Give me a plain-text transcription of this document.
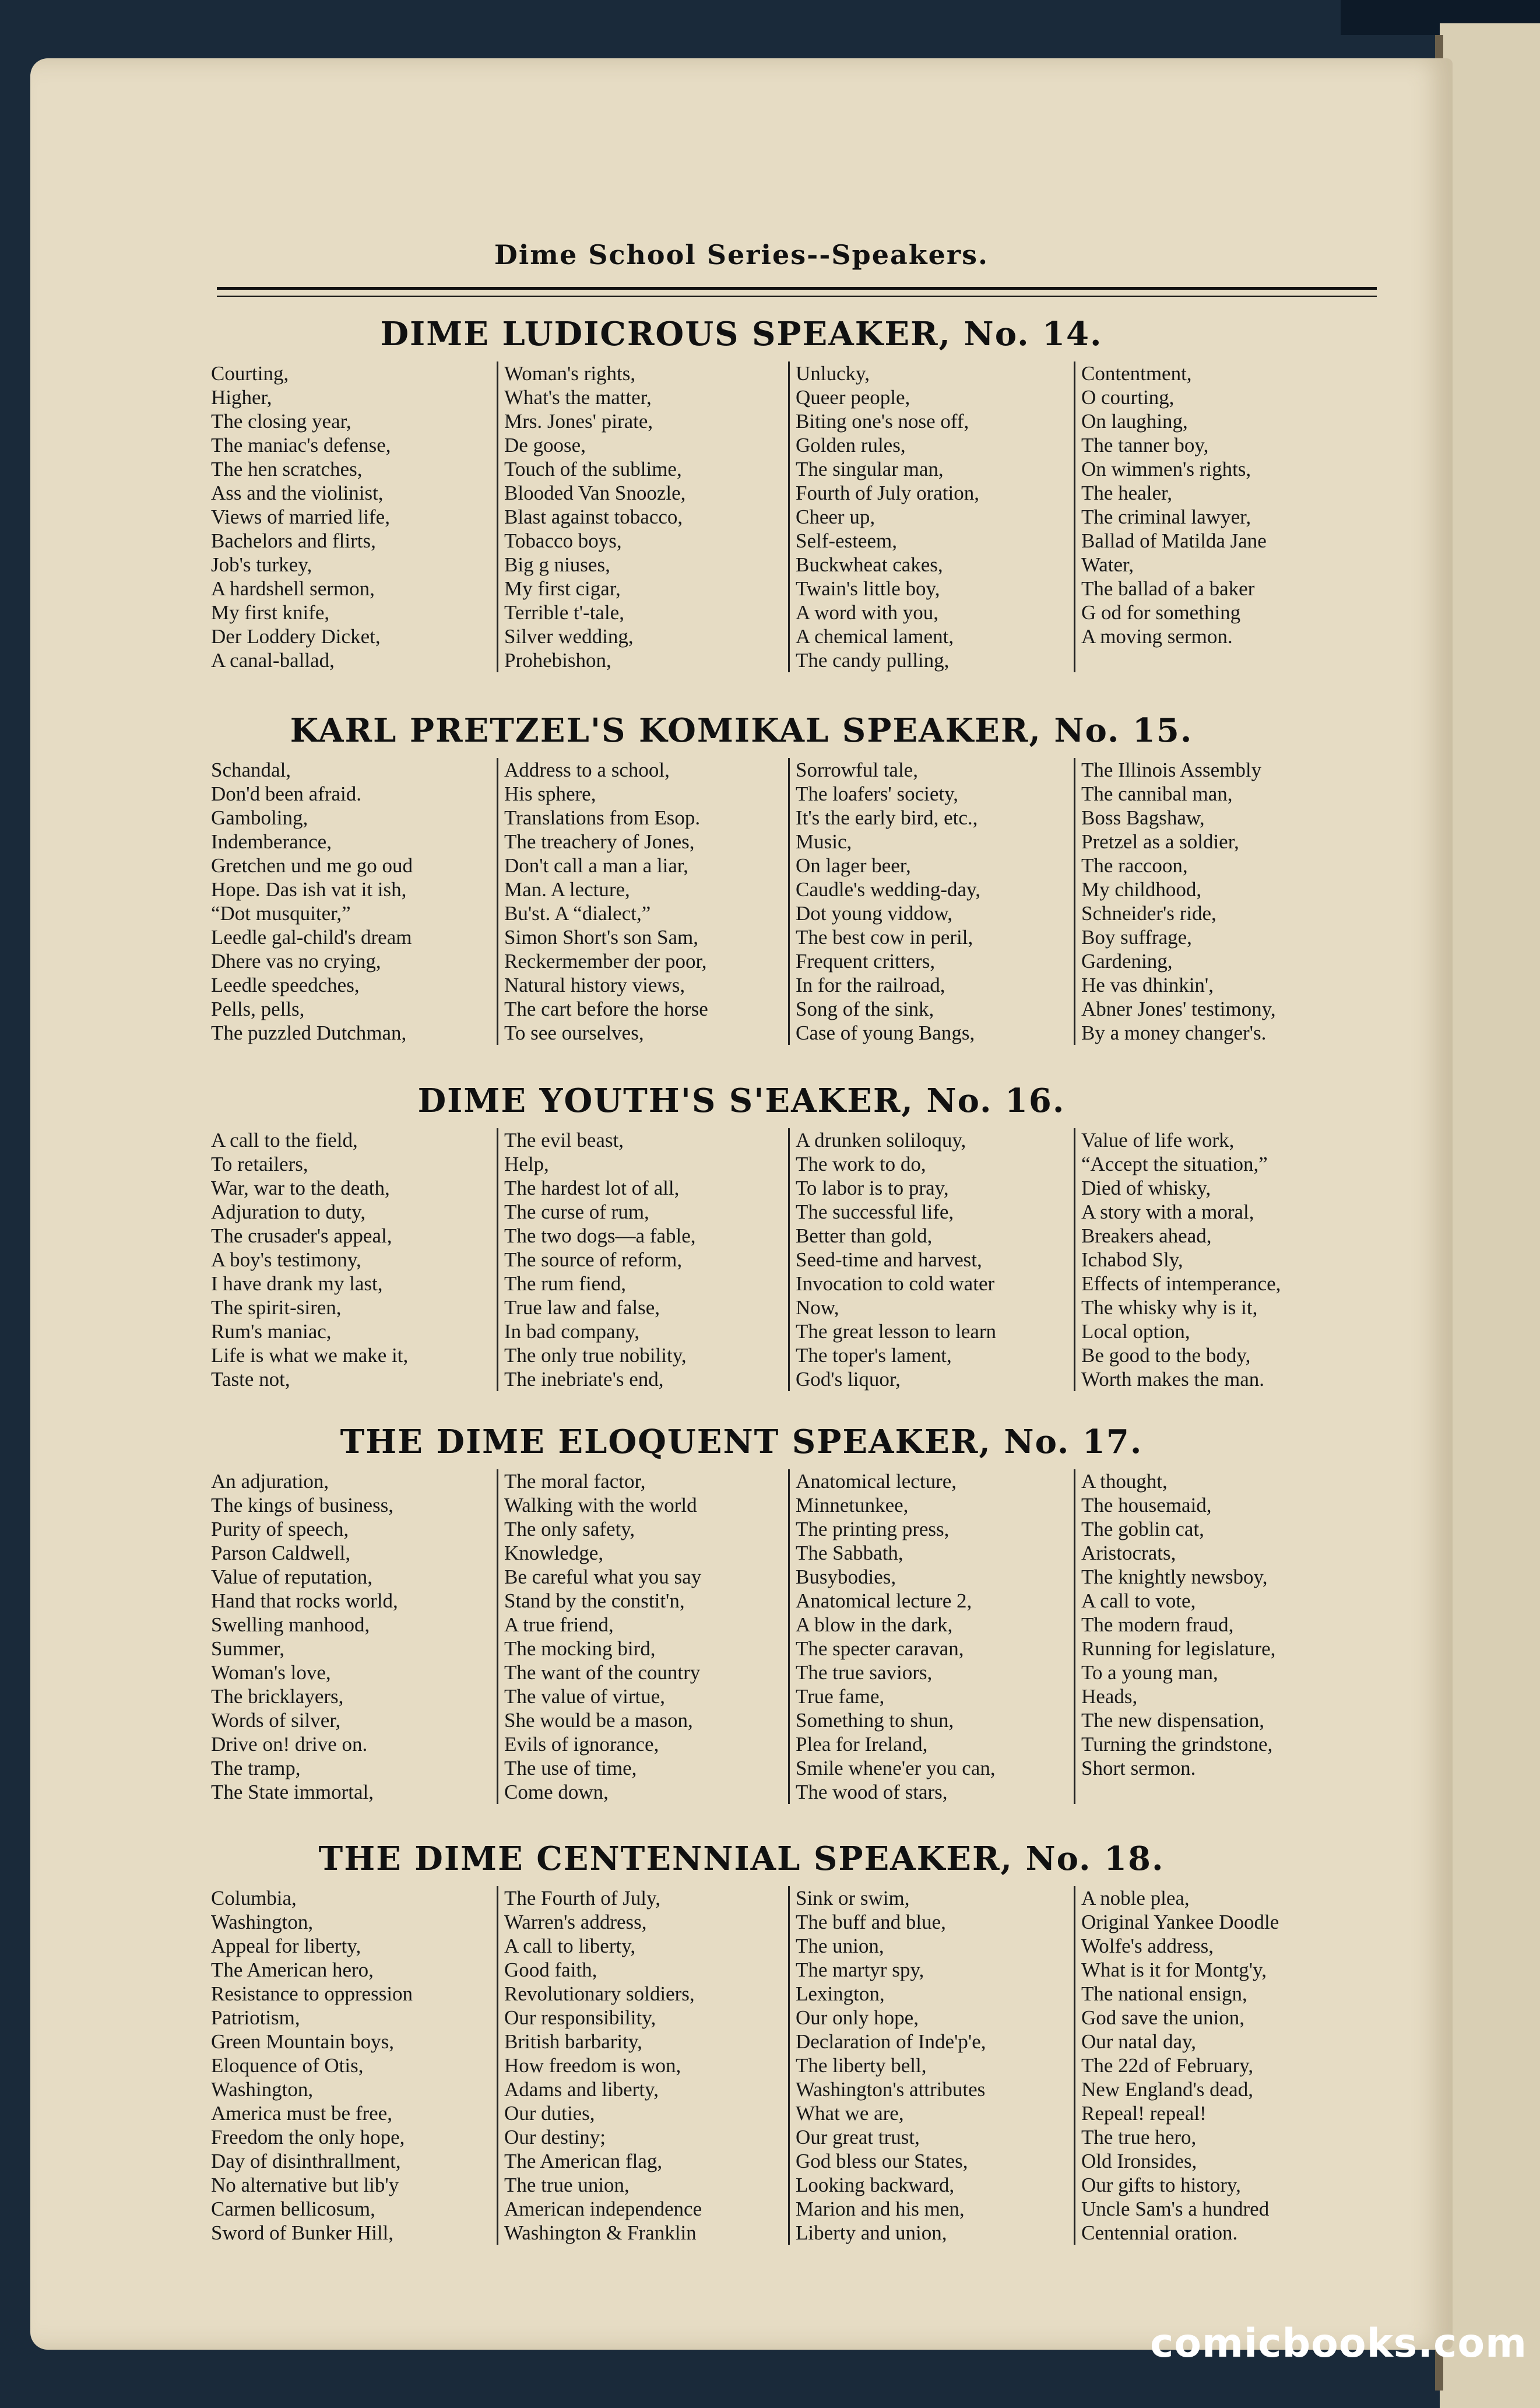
Dime School Series--Speakers.
DIME LUDICROUS SPEAKER, No. 14.
Courting,
Higher,
The closing year,
The maniac's defense,
The hen scratches,
Ass and the violinist,
Views of married life,
Bachelors and flirts,
Job's turkey,
A hardshell sermon,
My first knife,
Der Loddery Dicket,
A canal-ballad,
Woman's rights,
What's the matter,
Mrs. Jones' pirate,
De goose,
Touch of the sublime,
Blooded Van Snoozle,
Blast against tobacco,
Tobacco boys,
Big g niuses,
My first cigar,
Terrible t'-tale,
Silver wedding,
Prohebishon,
Unlucky,
Queer people,
Biting one's nose off,
Golden rules,
The singular man,
Fourth of July oration,
Cheer up,
Self-esteem,
Buckwheat cakes,
Twain's little boy,
A word with you,
A chemical lament,
The candy pulling,
Contentment,
O courting,
On laughing,
The tanner boy,
On wimmen's rights,
The healer,
The criminal lawyer,
Ballad of Matilda Jane
Water,
The ballad of a baker
G od for something
A moving sermon.
KARL PRETZEL'S KOMIKAL SPEAKER, No. 15.
Schandal,
Don'd been afraid.
Gamboling,
Indemberance,
Gretchen und me go oud
Hope. Das ish vat it ish,
“Dot musquiter,”
Leedle gal-child's dream
Dhere vas no crying,
Leedle speedches,
Pells, pells,
The puzzled Dutchman,
Address to a school,
His sphere,
Translations from Esop.
The treachery of Jones,
Don't call a man a liar,
Man. A lecture,
Bu'st. A “dialect,”
Simon Short's son Sam,
Reckermember der poor,
Natural history views,
The cart before the horse
To see ourselves,
Sorrowful tale,
The loafers' society,
It's the early bird, etc.,
Music,
On lager beer,
Caudle's wedding-day,
Dot young viddow,
The best cow in peril,
Frequent critters,
In for the railroad,
Song of the sink,
Case of young Bangs,
The Illinois Assembly
The cannibal man,
Boss Bagshaw,
Pretzel as a soldier,
The raccoon,
My childhood,
Schneider's ride,
Boy suffrage,
Gardening,
He vas dhinkin',
Abner Jones' testimony,
By a money changer's.
DIME YOUTH'S S'EAKER, No. 16.
A call to the field,
To retailers,
War, war to the death,
Adjuration to duty,
The crusader's appeal,
A boy's testimony,
I have drank my last,
The spirit-siren,
Rum's maniac,
Life is what we make it,
Taste not,
The evil beast,
Help,
The hardest lot of all,
The curse of rum,
The two dogs—a fable,
The source of reform,
The rum fiend,
True law and false,
In bad company,
The only true nobility,
The inebriate's end,
A drunken soliloquy,
The work to do,
To labor is to pray,
The successful life,
Better than gold,
Seed-time and harvest,
Invocation to cold water
Now,
The great lesson to learn
The toper's lament,
God's liquor,
Value of life work,
“Accept the situation,”
Died of whisky,
A story with a moral,
Breakers ahead,
Ichabod Sly,
Effects of intemperance,
The whisky why is it,
Local option,
Be good to the body,
Worth makes the man.
THE DIME ELOQUENT SPEAKER, No. 17.
An adjuration,
The kings of business,
Purity of speech,
Parson Caldwell,
Value of reputation,
Hand that rocks world,
Swelling manhood,
Summer,
Woman's love,
The bricklayers,
Words of silver,
Drive on! drive on.
The tramp,
The State immortal,
The moral factor,
Walking with the world
The only safety,
Knowledge,
Be careful what you say
Stand by the constit'n,
A true friend,
The mocking bird,
The want of the country
The value of virtue,
She would be a mason,
Evils of ignorance,
The use of time,
Come down,
Anatomical lecture,
Minnetunkee,
The printing press,
The Sabbath,
Busybodies,
Anatomical lecture 2,
A blow in the dark,
The specter caravan,
The true saviors,
True fame,
Something to shun,
Plea for Ireland,
Smile whene'er you can,
The wood of stars,
A thought,
The housemaid,
The goblin cat,
Aristocrats,
The knightly newsboy,
A call to vote,
The modern fraud,
Running for legislature,
To a young man,
Heads,
The new dispensation,
Turning the grindstone,
Short sermon.
THE DIME CENTENNIAL SPEAKER, No. 18.
Columbia,
Washington,
Appeal for liberty,
The American hero,
Resistance to oppression
Patriotism,
Green Mountain boys,
Eloquence of Otis,
Washington,
America must be free,
Freedom the only hope,
Day of disinthrallment,
No alternative but lib'y
Carmen bellicosum,
Sword of Bunker Hill,
The Fourth of July,
Warren's address,
A call to liberty,
Good faith,
Revolutionary soldiers,
Our responsibility,
British barbarity,
How freedom is won,
Adams and liberty,
Our duties,
Our destiny;
The American flag,
The true union,
American independence
Washington & Franklin
Sink or swim,
The buff and blue,
The union,
The martyr spy,
Lexington,
Our only hope,
Declaration of Inde'p'e,
The liberty bell,
Washington's attributes
What we are,
Our great trust,
God bless our States,
Looking backward,
Marion and his men,
Liberty and union,
A noble plea,
Original Yankee Doodle
Wolfe's address,
What is it for Montg'y,
The national ensign,
God save the union,
Our natal day,
The 22d of February,
New England's dead,
Repeal! repeal!
The true hero,
Old Ironsides,
Our gifts to history,
Uncle Sam's a hundred
Centennial oration.
comicbooks.com
